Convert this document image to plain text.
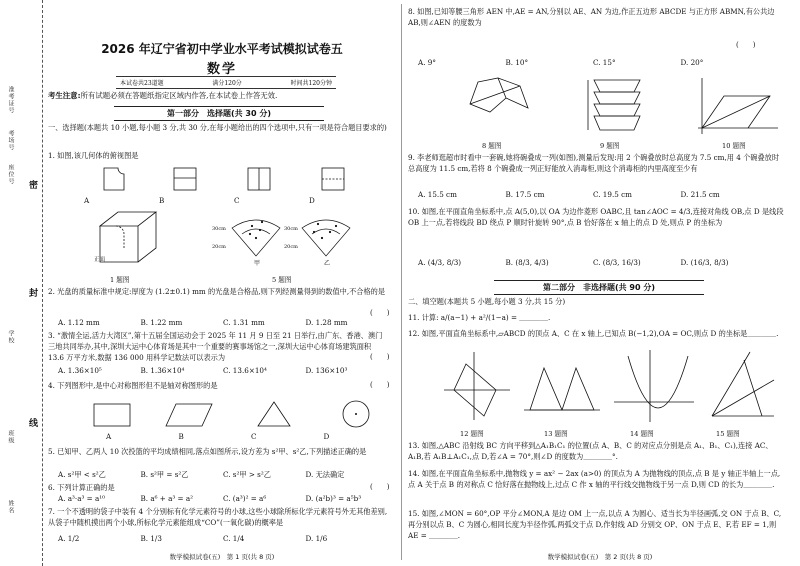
准考证号
考场号
座位号
学校
班级
姓名
密
封
线
2026 年辽宁省初中学业水平考试模拟试卷五
数学
本试卷共23道题	满分120分	时间共120分钟
考生注意:所有试题必须在答题纸指定区域内作答,在本试卷上作答无效.
第一部分　选择题(共 30 分)
一、选择题(本题共 10 小题,每小题 3 分,共 30 分,在每小题给出的四个选项中,只有一项是符合题目要求的)
1. 如图,该几何体的俯视图是
A	B	C	D
正面
30cm
20cm
30cm
20cm
甲	乙
1 题图	5 题图
2. 光盘的质量标准中规定:厚度为 (1.2±0.1) mm 的光盘是合格品,则下列经测量得到的数值中,不合格的是
(　　)
A. 1.12 mm	B. 1.22 mm	C. 1.31 mm	D. 1.28 mm
3. “激情全运,活力大湾区”,第十五届全国运动会于 2025 年 11 月 9 日至 21 日举行,由广东、香港、澳门三地共同举办,其中,深圳大运中心体育场是其中一个重要的赛事场馆之一,深圳大运中心体育场建筑面积 13.6 万平方米,数据 136 000 用科学记数法可以表示为	(　　)
A. 1.36×10⁵	B. 1.36×10⁴	C. 13.6×10⁴	D. 136×10³
4. 下列图形中,是中心对称图形但不是轴对称图形的是	(　　)
A	B	C	D
5. 已知甲、乙两人 10 次投篮的平均成绩相同,落点如图所示,设方差为 s²甲、s²乙,下列描述正确的是
A. s²甲 < s²乙	B. s²甲 = s²乙	C. s²甲 > s²乙	D. 无法确定
6. 下列计算正确的是	(　　)
A. a³·a³ = a¹⁰	B. a⁶ + a³ = a²	C. (a³)² = a⁶	D. (a²b)³ = a⁵b³
7. 一个不透明的袋子中装有 4 个分别标有化学元素符号的小球,这些小球除所标化学元素符号外无其他差别,从袋子中随机摸出两个小球,所标化学元素能组成“CO”(一氧化碳)的概率是
A. 1/2	B. 1/3	C. 1/4	D. 1/6
数学模拟试卷(五)　第 1 页(共 8 页)
8. 如图,已知等腰三角形 AEN 中,AE = AN,分别以 AE、AN 为边,作正五边形 ABCDE 与正方形 ABMN,有公共边 AB,则∠AEN 的度数为
(　　)
A. 9°	B. 10°	C. 15°	D. 20°
8 题图	9 题图	10 题图
9. 李老师逛超市时看中一套碗,她将碗叠成一列(如图),测量后发现:用 2 个碗叠放时总高度为 7.5 cm,用 4 个碗叠放时总高度为 11.5 cm,若将 8 个碗叠成一列正好能放入消毒柜,则这个消毒柜的内里高度至少有
A. 15.5 cm	B. 17.5 cm	C. 19.5 cm	D. 21.5 cm
10. 如图,在平面直角坐标系中,点 A(5,0),以 OA 为边作菱形 OABC,且 tan∠AOC = 4/3,连接对角线 OB,点 D 是线段 OB 上一点,若将线段 BD 绕点 P 顺时针旋转 90°,点 B 恰好落在 x 轴上的点 D 处,则点 P 的坐标为
A. (4/3, 8/3)	B. (8/3, 4/3)	C. (8/3, 16/3)	D. (16/3, 8/3)
第二部分　非选择题(共 90 分)
二、填空题(本题共 5 小题,每小题 3 分,共 15 分)
11. 计算: a/(a−1) + a²/(1−a) = ＿＿＿＿.
12. 如图,平面直角坐标系中,▱ABCD 的顶点 A、C 在 x 轴上,已知点 B(−1,2),OA = OC,则点 D 的坐标是＿＿＿＿.
12 题图	13 题图	14 题图	15 题图
13. 如图,△ABC 沿射线 BC 方向平移到△A₁B₁C₁ 的位置(点 A、B、C 的对应点分别是点 A₁、B₁、C₁),连接 AC、A₁B,若 A₁B⊥A₁C₁,点 D,若∠A = 70°,则∠D 的度数为＿＿＿＿°.
14. 如图,在平面直角坐标系中,抛物线 y = ax² − 2ax (a>0) 的顶点为 A 为抛物线的顶点,点 B 是 y 轴正半轴上一点,点 A 关于点 B 的对称点 C 恰好落在抛物线上,过点 C 作 x 轴的平行线交抛物线于另一点 D,则 CD 的长为＿＿＿＿.
15. 如图,∠MON = 60°,OP 平分∠MON,A 是边 OM 上一点,以点 A 为圆心、适当长为半径画弧,交 ON 于点 B、C,再分别以点 B、C 为圆心,相同长度为半径作弧,两弧交于点 D,作射线 AD 分别交 OP、ON 于点 E、F,若 EF = 1,则 AE = ＿＿＿＿.
数学模拟试卷(五)　第 2 页(共 8 页)
